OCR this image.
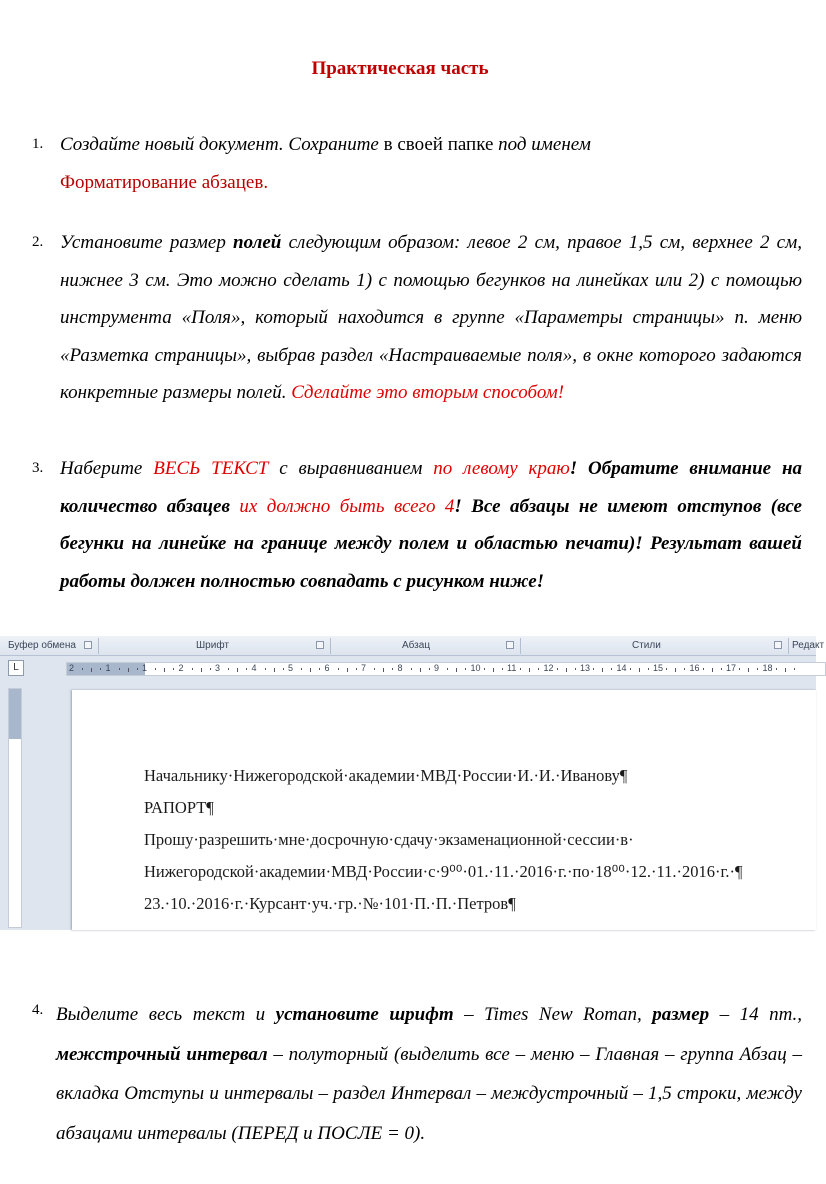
Практическая часть
1. Создайте новый документ. Сохраните в своей папке под именем
Форматирование абзацев.
2. Установите размер полей следующим образом: левое 2 см, правое 1,5 см, верхнее 2 см, нижнее 3 см. Это можно сделать 1) с помощью бегунков на линейках или 2) с помощью инструмента «Поля», который находится в группе «Параметры страницы» п. меню «Разметка страницы», выбрав раздел «Настраиваемые поля», в окне которого задаются конкретные размеры полей. Сделайте это вторым способом!
3. Наберите ВЕСЬ ТЕКСТ с выравниванием по левому краю! Обратите внимание на количество абзацев их должно быть всего 4! Все абзацы не имеют отступов (все бегунки на линейке на границе между полем и областью печати)! Результат вашей работы должен полностью совпадать с рисунком ниже!
Буфер обмена	Шрифт	Абзац	Стили	Редакт
L	2	1	1	2	3	4	5	6	7	8	9	10	11	12	13	14	15	16	17	18
Начальнику·Нижегородской·академии·МВД·России·И.·И.·Иванову¶
РАПОРТ¶
Прошу·разрешить·мне·досрочную·сдачу·экзаменационной·сессии·в·
Нижегородской·академии·МВД·России·с·9⁰⁰·01.·11.·2016·г.·по·18⁰⁰·12.·11.·2016·г.·¶
23.·10.·2016·г.·Курсант·уч.·гр.·№·101·П.·П.·Петров¶
4. Выделите весь текст и установите шрифт – Times New Roman, размер – 14 пт., межстрочный интервал – полуторный (выделить все – меню – Главная – группа Абзац – вкладка Отступы и интервалы – раздел Интервал – междустрочный – 1,5 строки, между абзацами интервалы (ПЕРЕД и ПОСЛЕ = 0).
